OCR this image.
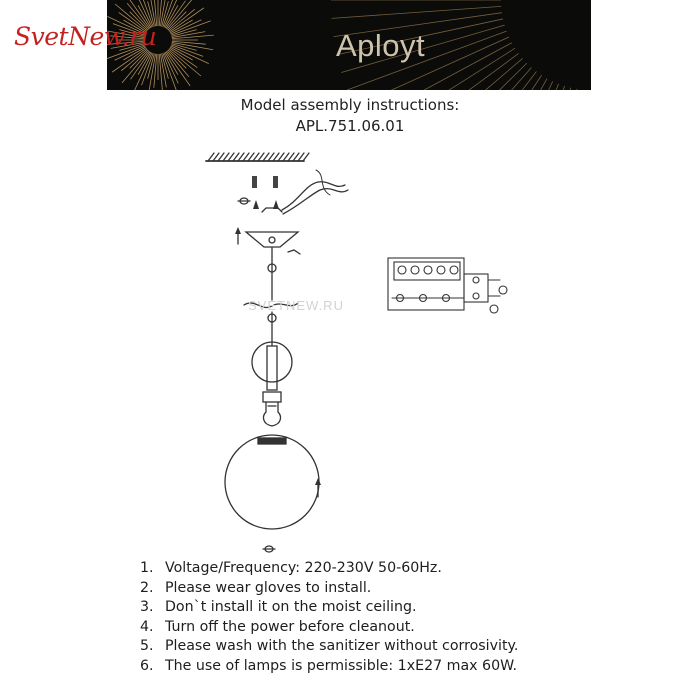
Aployt
SvetNew.ru
Model assembly instructions:
APL.751.06.01
SVETNEW.RU
1. Voltage/Frequency: 220-230V 50-60Hz.
2. Please wear gloves to install.
3. Don`t install it on the moist ceiling.
4. Turn off the power before cleanout.
5. Please wash with the sanitizer without corrosivity.
6. The use of lamps is permissible: 1xE27 max 60W.
